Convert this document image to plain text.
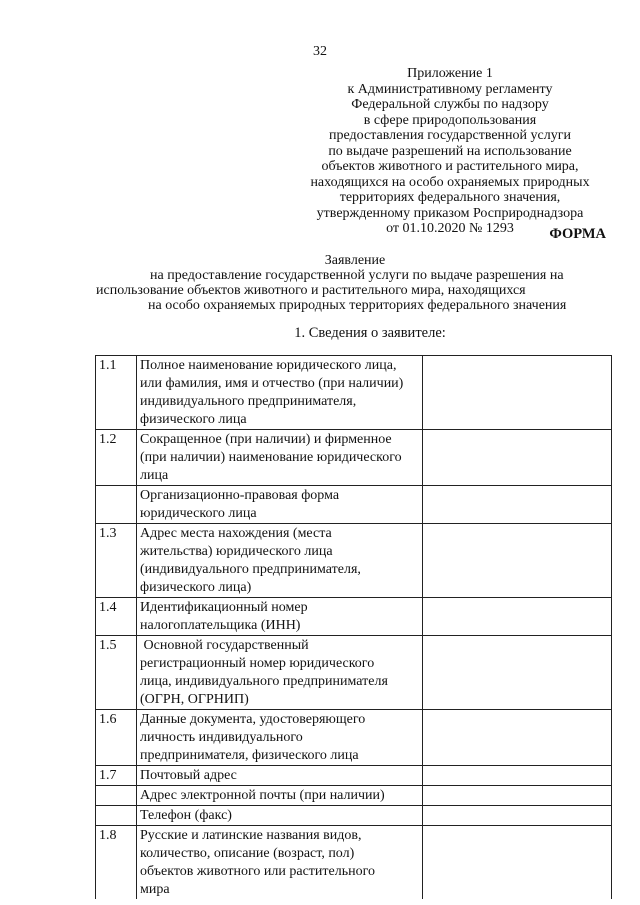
32
Приложение 1
к Административному регламенту
Федеральной службы по надзору
в сфере природопользования
предоставления государственной услуги
по выдаче разрешений на использование
объектов животного и растительного мира,
находящихся на особо охраняемых природных
территориях федерального значения,
утвержденному приказом Росприроднадзора
от 01.10.2020 № 1293	ФОРМА
Заявление
на предоставление государственной услуги по выдаче разрешения на
использование объектов животного и растительного мира, находящихся
на особо охраняемых природных территориях федерального значения
1. Сведения о заявителе:
1.1	Полное наименование юридического лица,
или фамилия, имя и отчество (при наличии)
индивидуального предпринимателя,
физического лица	

1.2	Сокращенное (при наличии) и фирменное
(при наличии) наименование юридического
лица	

	Организационно-правовая форма
юридического лица	

1.3	Адрес места нахождения (места
жительства) юридического лица
(индивидуального предпринимателя,
физического лица)	

1.4	Идентификационный номер
налогоплательщика (ИНН)	

1.5	Основной государственный
регистрационный номер юридического
лица, индивидуального предпринимателя
(ОГРН, ОГРНИП)	

1.6	Данные документа, удостоверяющего
личность индивидуального
предпринимателя, физического лица	

1.7	Почтовый адрес	

	Адрес электронной почты (при наличии)	

	Телефон (факс)	

1.8	Русские и латинские названия видов,
количество, описание (возраст, пол)
объектов животного или растительного
мира	
